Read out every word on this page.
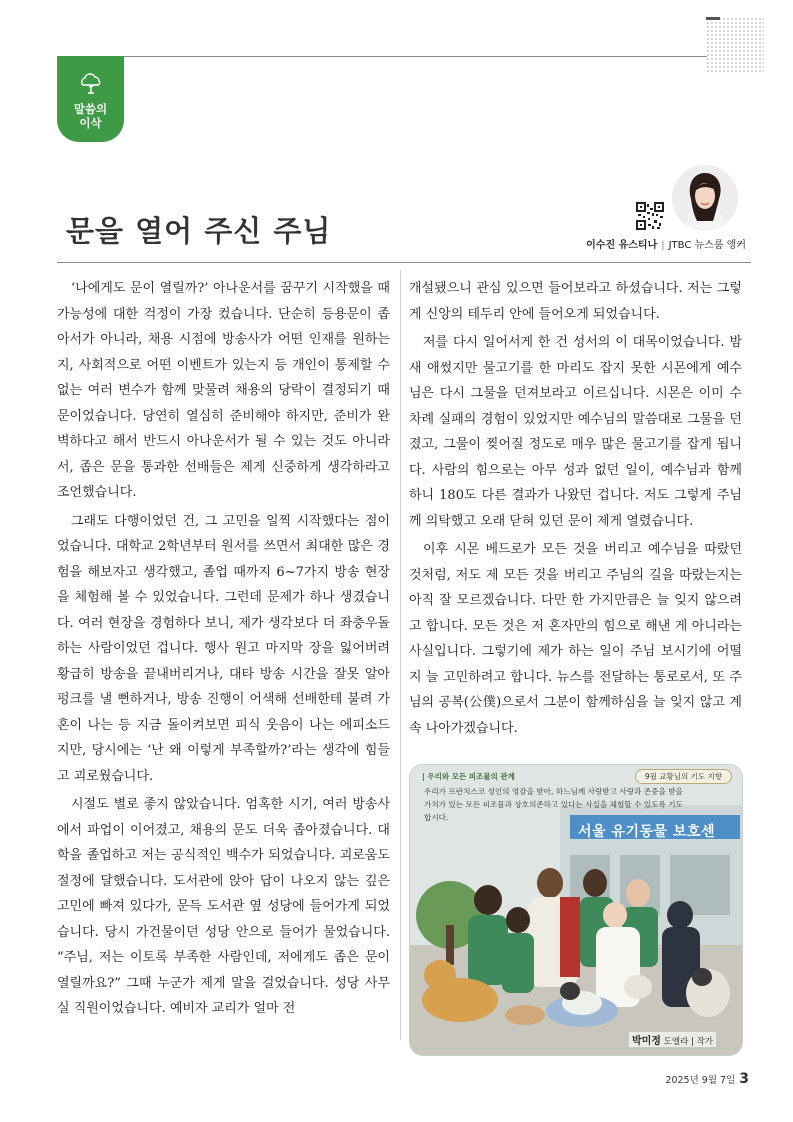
말씀의
이삭
문을 열어 주신 주님	이수진 유스티나 | JTBC 뉴스룸 앵커

‘나에게도 문이 열릴까?’ 아나운서를 꿈꾸기 시작했을 때 가능성에 대한 걱정이 가장 컸습니다. 단순히 등용문이 좁아서가 아니라, 채용 시점에 방송사가 어떤 인재를 원하는지, 사회적으로 어떤 이벤트가 있는지 등 개인이 통제할 수 없는 여러 변수가 함께 맞물려 채용의 당락이 결정되기 때문이었습니다. 당연히 열심히 준비해야 하지만, 준비가 완벽하다고 해서 반드시 아나운서가 될 수 있는 것도 아니라서, 좁은 문을 통과한 선배들은 제게 신중하게 생각하라고 조언했습니다.

그래도 다행이었던 건, 그 고민을 일찍 시작했다는 점이었습니다. 대학교 2학년부터 원서를 쓰면서 최대한 많은 경험을 해보자고 생각했고, 졸업 때까지 6~7가지 방송 현장을 체험해 볼 수 있었습니다. 그런데 문제가 하나 생겼습니다. 여러 현장을 경험하다 보니, 제가 생각보다 더 좌충우돌하는 사람이었던 겁니다. 행사 원고 마지막 장을 잃어버려 황급히 방송을 끝내버리거나, 대타 방송 시간을 잘못 알아 펑크를 낼 뻔하거나, 방송 진행이 어색해 선배한테 불려 가 혼이 나는 등 지금 돌이켜보면 피식 웃음이 나는 에피소드지만, 당시에는 ‘난 왜 이렇게 부족할까?’라는 생각에 힘들고 괴로웠습니다.

시절도 별로 좋지 않았습니다. 엄혹한 시기, 여러 방송사에서 파업이 이어졌고, 채용의 문도 더욱 좁아졌습니다. 대학을 졸업하고 저는 공식적인 백수가 되었습니다. 괴로움도 절정에 달했습니다. 도서관에 앉아 답이 나오지 않는 깊은 고민에 빠져 있다가, 문득 도서관 옆 성당에 들어가게 되었습니다. 당시 가건물이던 성당 안으로 들어가 물었습니다. “주님, 저는 이토록 부족한 사람인데, 저에게도 좁은 문이 열릴까요?” 그때 누군가 제게 말을 걸었습니다. 성당 사무실 직원이었습니다. 예비자 교리가 얼마 전

개설됐으니 관심 있으면 들어보라고 하셨습니다. 저는 그렇게 신앙의 테두리 안에 들어오게 되었습니다.

저를 다시 일어서게 한 건 성서의 이 대목이었습니다. 밤새 애썼지만 물고기를 한 마리도 잡지 못한 시몬에게 예수님은 다시 그물을 던져보라고 이르십니다. 시몬은 이미 수차례 실패의 경험이 있었지만 예수님의 말씀대로 그물을 던졌고, 그물이 찢어질 정도로 매우 많은 물고기를 잡게 됩니다. 사람의 힘으로는 아무 성과 없던 일이, 예수님과 함께 하니 180도 다른 결과가 나왔던 겁니다. 저도 그렇게 주님께 의탁했고 오래 닫혀 있던 문이 제게 열렸습니다.

이후 시몬 베드로가 모든 것을 버리고 예수님을 따랐던 것처럼, 저도 제 모든 것을 버리고 주님의 길을 따랐는지는 아직 잘 모르겠습니다. 다만 한 가지만큼은 늘 잊지 않으려고 합니다. 모든 것은 저 혼자만의 힘으로 해낸 게 아니라는 사실입니다. 그렇기에 제가 하는 일이 주님 보시기에 어떨지 늘 고민하려고 합니다. 뉴스를 전달하는 통로로서, 또 주님의 공복(公僕)으로서 그분이 함께하심을 늘 잊지 않고 계속 나아가겠습니다.

| 우리와 모든 피조물의 관계	9월 교황님의 기도 지향
우리가 프란치스코 성인의 영감을 받아, 하느님께 사랑받고 사랑과 존중을 받을 가치가 있는 모든 피조물과 상호의존하고 있다는 사실을 체험할 수 있도록 기도합시다.
서울 유기동물 보호센
박미정 도엘라 | 작가
2025년 9월 7일 3
